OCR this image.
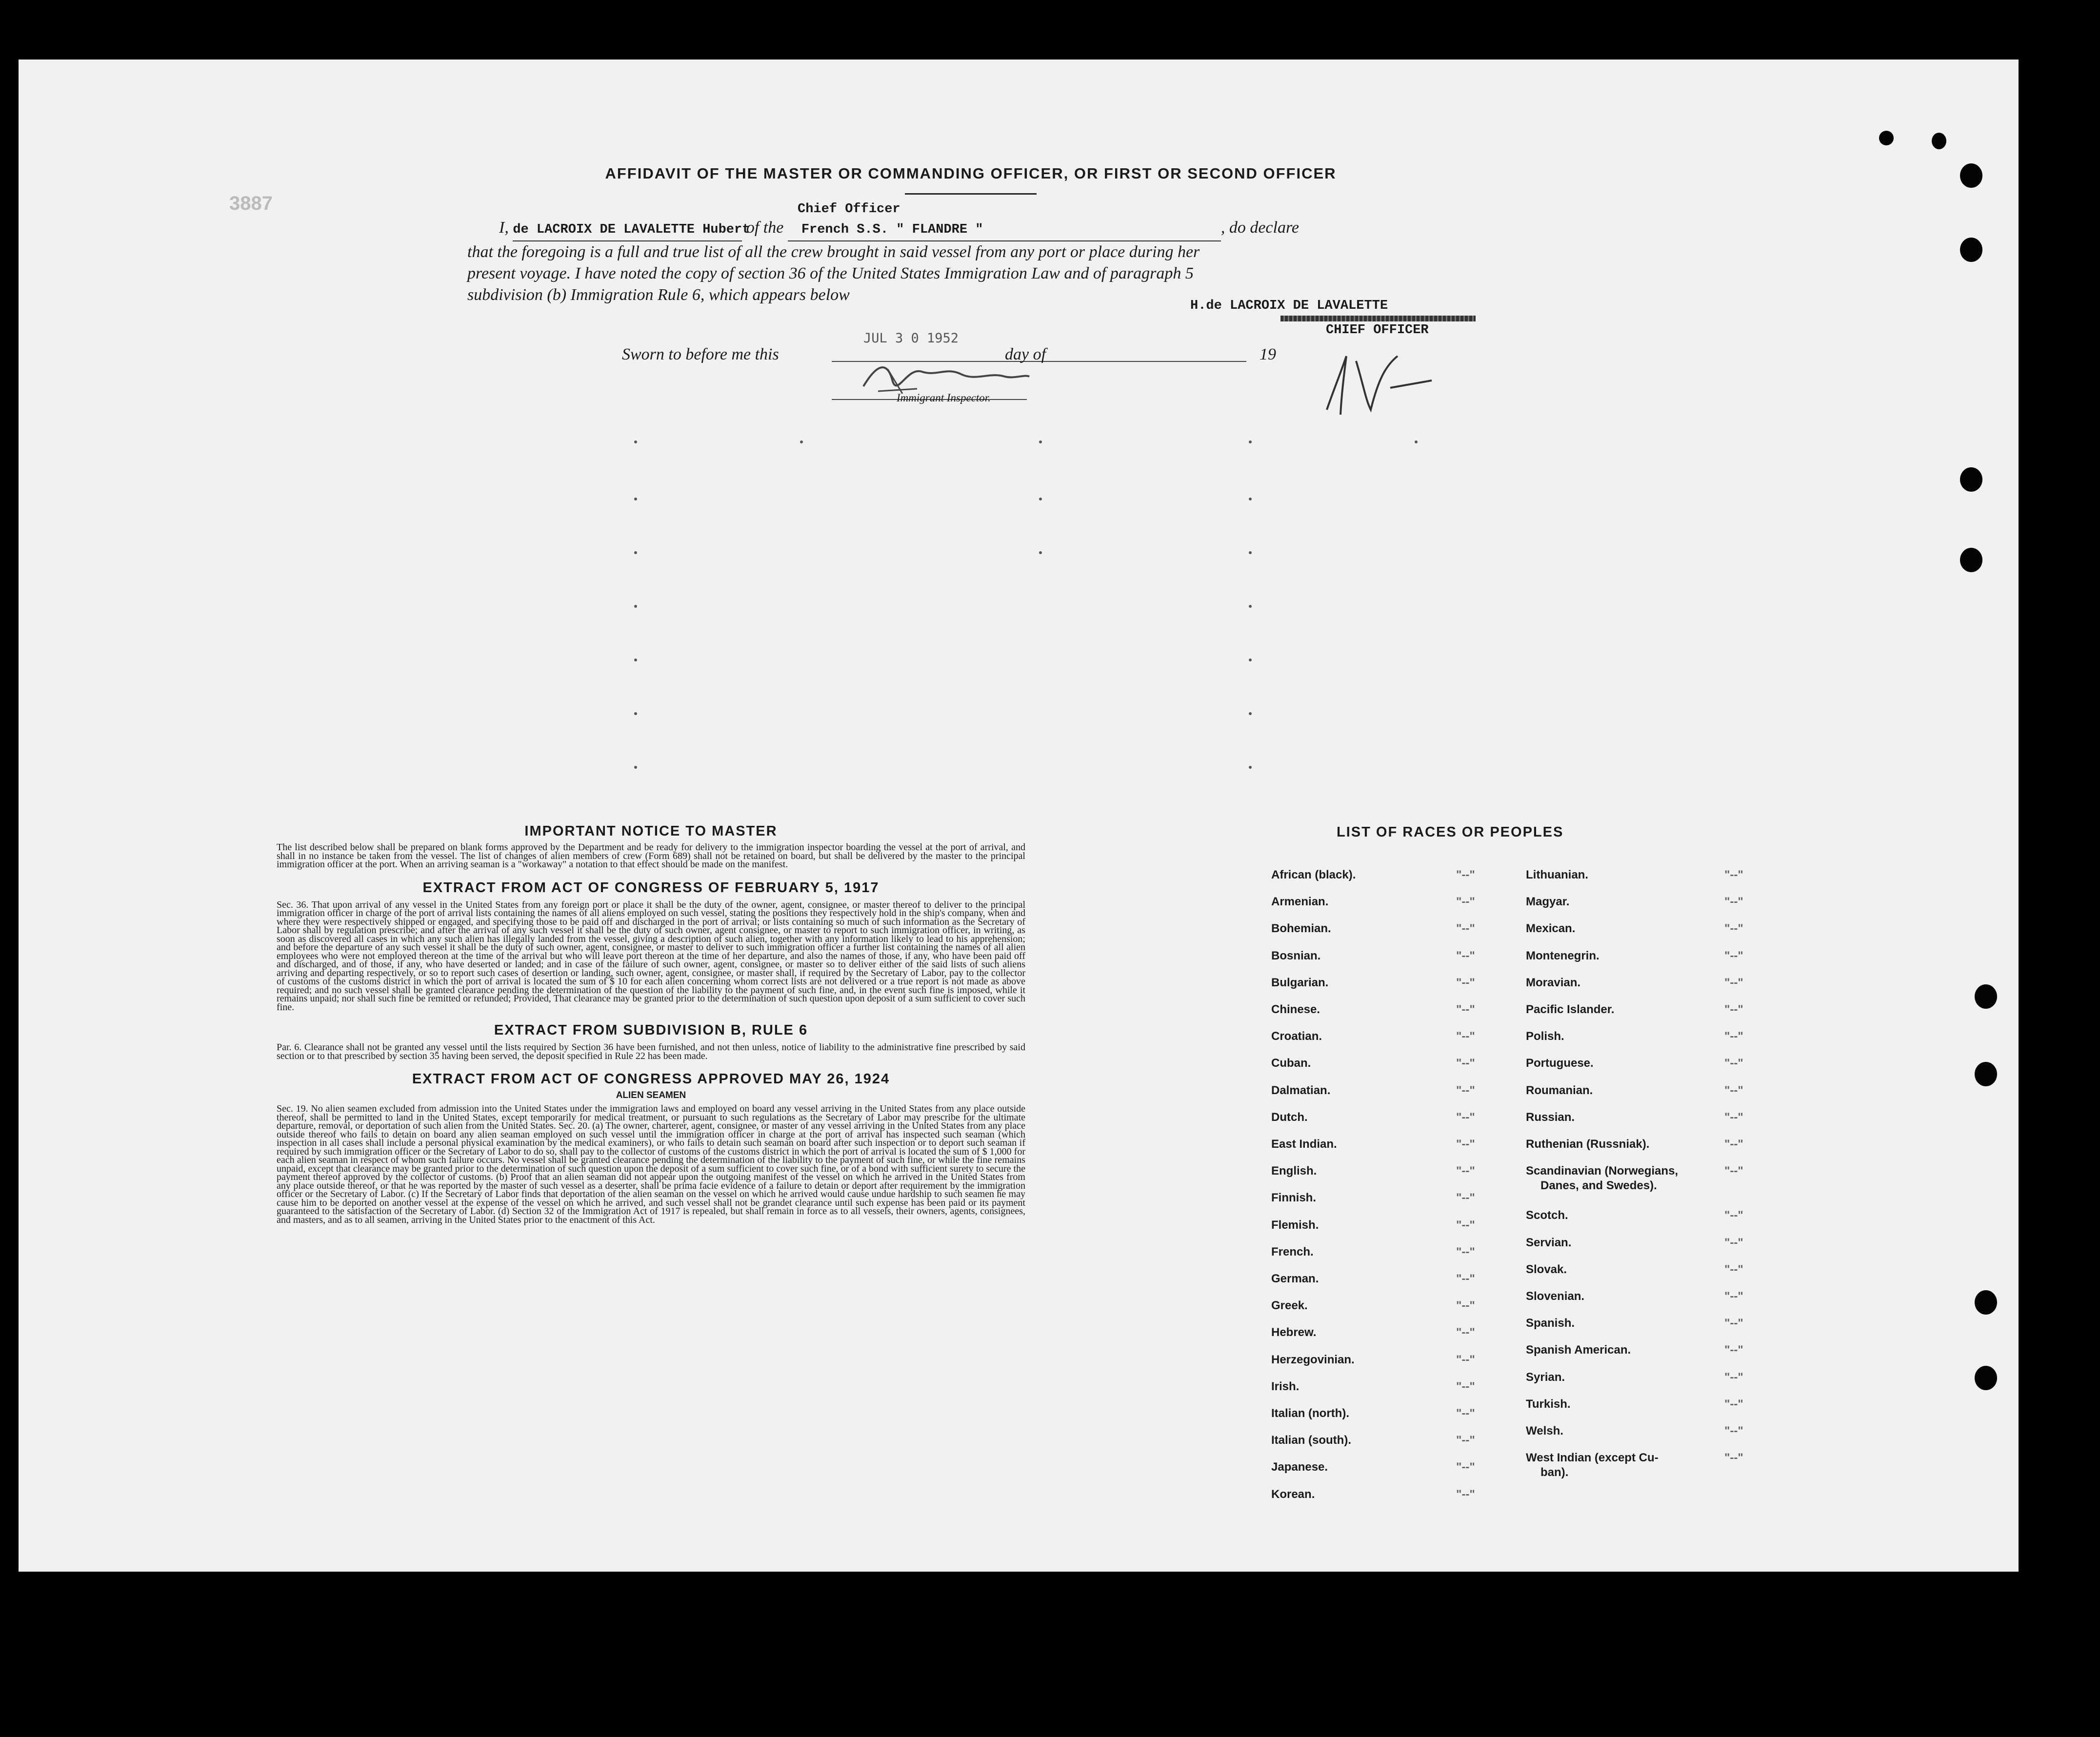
3887
AFFIDAVIT OF THE MASTER OR COMMANDING OFFICER, OR FIRST OR SECOND OFFICER
Chief Officer
I, de LACROIX DE LAVALETTE Hubert of the French S.S. " FLANDRE "	, do declare
that the foregoing is a full and true list of all the crew brought in said vessel from any port or place during her
present voyage. I have noted the copy of section 36 of the United States Immigration Law and of paragraph 5
subdivision (b) Immigration Rule 6, which appears below
H.de LACROIX DE LAVALETTE
CHIEF OFFICER
Sworn to before me this
JUL 3 0 1952
day of	19
Immigrant Inspector.
IMPORTANT NOTICE TO MASTER
The list described below shall be prepared on blank forms approved by the Department and be ready for delivery to the immigration inspector boarding the vessel at the port of arrival, and shall in no instance be taken from the vessel. The list of changes of alien members of crew (Form 689) shall not be retained on board, but shall be delivered by the master to the principal immigration officer at the port. When an arriving seaman is a "workaway" a notation to that effect should be made on the manifest.
EXTRACT FROM ACT OF CONGRESS OF FEBRUARY 5, 1917
Sec. 36. That upon arrival of any vessel in the United States from any foreign port or place it shall be the duty of the owner, agent, consignee, or master thereof to deliver to the principal immigration officer in charge of the port of arrival lists containing the names of all aliens employed on such vessel, stating the positions they respectively hold in the ship's company, when and where they were respectively shipped or engaged, and specifying those to be paid off and discharged in the port of arrival; or lists containing so much of such information as the Secretary of Labor shall by regulation prescribe; and after the arrival of any such vessel it shall be the duty of such owner, agent consignee, or master to report to such immigration officer, in writing, as soon as discovered all cases in which any such alien has illegally landed from the vessel, giving a description of such alien, together with any information likely to lead to his apprehension; and before the departure of any such vessel it shall be the duty of such owner, agent, consignee, or master to deliver to such immigration officer a further list containing the names of all alien employees who were not employed thereon at the time of the arrival but who will leave port thereon at the time of her departure, and also the names of those, if any, who have been paid off and discharged, and of those, if any, who have deserted or landed; and in case of the failure of such owner, agent, consignee, or master so to deliver either of the said lists of such aliens arriving and departing respectively, or so to report such cases of desertion or landing, such owner, agent, consignee, or master shall, if required by the Secretary of Labor, pay to the collector of customs of the customs district in which the port of arrival is located the sum of $ 10 for each alien concerning whom correct lists are not delivered or a true report is not made as above required; and no such vessel shall be granted clearance pending the determination of the question of the liability to the payment of such fine, and, in the event such fine is imposed, while it remains unpaid; nor shall such fine be remitted or refunded; Provided, That clearance may be granted prior to the determination of such question upon deposit of a sum sufficient to cover such fine.
EXTRACT FROM SUBDIVISION B, RULE 6
Par. 6. Clearance shall not be granted any vessel until the lists required by Section 36 have been furnished, and not then unless, notice of liability to the administrative fine prescribed by said section or to that prescribed by section 35 having been served, the deposit specified in Rule 22 has been made.
EXTRACT FROM ACT OF CONGRESS APPROVED MAY 26, 1924
ALIEN SEAMEN
Sec. 19. No alien seamen excluded from admission into the United States under the immigration laws and employed on board any vessel arriving in the United States from any place outside thereof, shall be permitted to land in the United States, except temporarily for medical treatment, or pursuant to such regulations as the Secretary of Labor may prescribe for the ultimate departure, removal, or deportation of such alien from the United States. Sec. 20. (a) The owner, charterer, agent, consignee, or master of any vessel arriving in the United States from any place outside thereof who fails to detain on board any alien seaman employed on such vessel until the immigration officer in charge at the port of arrival has inspected such seaman (which inspection in all cases shall include a personal physical examination by the medical examiners), or who fails to detain such seaman on board after such inspection or to deport such seaman if required by such immigration officer or the Secretary of Labor to do so, shall pay to the collector of customs of the customs district in which the port of arrival is located the sum of $ 1,000 for each alien seaman in respect of whom such failure occurs. No vessel shall be granted clearance pending the determination of the liability to the payment of such fine, or while the fine remains unpaid, except that clearance may be granted prior to the determination of such question upon the deposit of a sum sufficient to cover such fine, or of a bond with sufficient surety to secure the payment thereof approved by the collector of customs. (b) Proof that an alien seaman did not appear upon the outgoing manifest of the vessel on which he arrived in the United States from any place outside thereof, or that he was reported by the master of such vessel as a deserter, shall be prima facie evidence of a failure to detain or deport after requirement by the immigration officer or the Secretary of Labor. (c) If the Secretary of Labor finds that deportation of the alien seaman on the vessel on which he arrived would cause undue hardship to such seamen he may cause him to be deported on another vessel at the expense of the vessel on which he arrived, and such vessel shall not be grandet clearance until such expense has been paid or its payment guaranteed to the satisfaction of the Secretary of Labor. (d) Section 32 of the Immigration Act of 1917 is repealed, but shall remain in force as to all vessels, their owners, agents, consignees, and masters, and as to all seamen, arriving in the United States prior to the enactment of this Act.
LIST OF RACES OR PEOPLES
African (black).	"--"
Armenian.	"--"
Bohemian.	"--"
Bosnian.	"--"
Bulgarian.	"--"
Chinese.	"--"
Croatian.	"--"
Cuban.	"--"
Dalmatian.	"--"
Dutch.	"--"
East Indian.	"--"
English.	"--"
Finnish.	"--"
Flemish.	"--"
French.	"--"
German.	"--"
Greek.	"--"
Hebrew.	"--"
Herzegovinian.	"--"
Irish.	"--"
Italian (north).	"--"
Italian (south).	"--"
Japanese.	"--"
Korean.	"--"
Lithuanian.	"--"
Magyar.	"--"
Mexican.	"--"
Montenegrin.	"--"
Moravian.	"--"
Pacific Islander.	"--"
Polish.	"--"
Portuguese.	"--"
Roumanian.	"--"
Russian.	"--"
Ruthenian (Russniak).	"--"
Scandinavian (Norwegians,	"--"
Danes, and Swedes).
Scotch.	"--"
Servian.	"--"
Slovak.	"--"
Slovenian.	"--"
Spanish.	"--"
Spanish American.	"--"
Syrian.	"--"
Turkish.	"--"
Welsh.	"--"
West Indian (except Cu-	"--"
ban).
